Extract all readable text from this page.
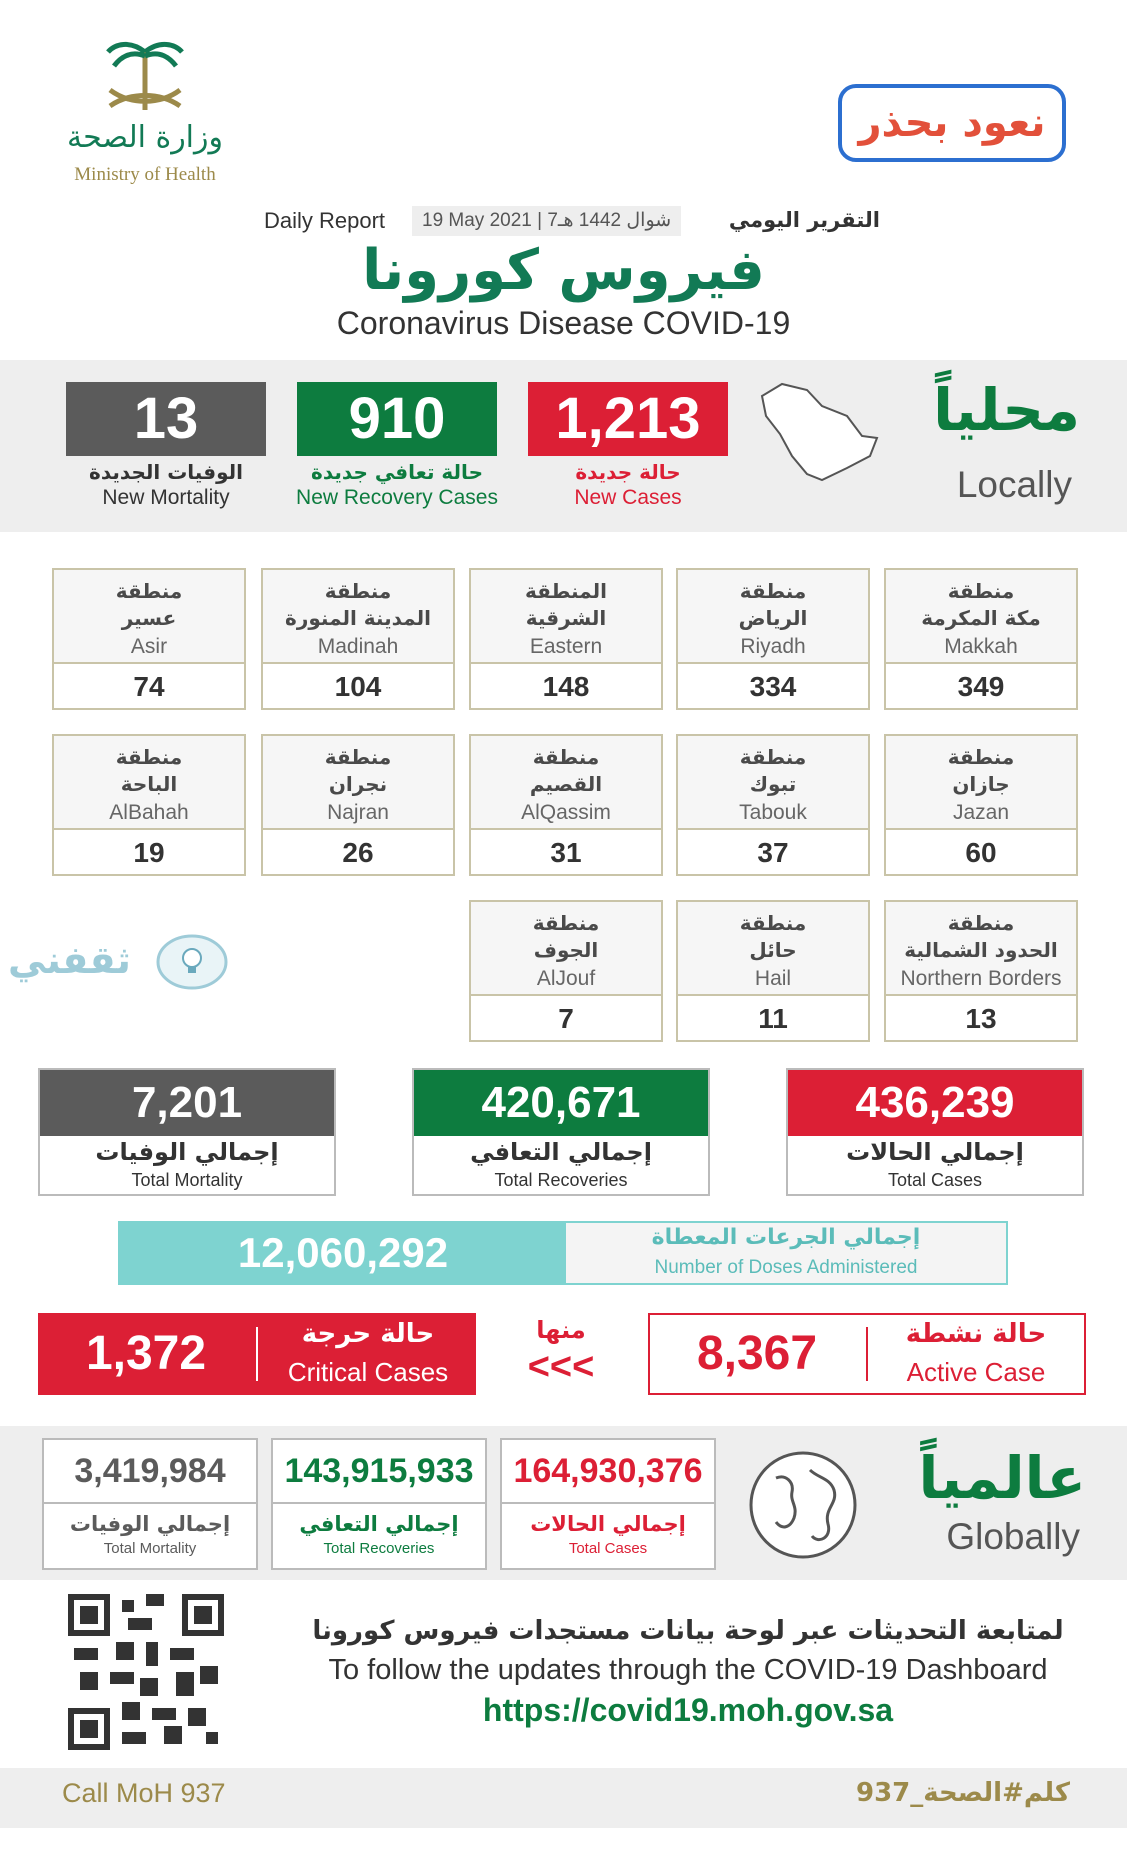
وزارة الصحة
Ministry of Health
نعود بحذر
Daily Report	19 May 2021 | 7شوال 1442 هـ	التقرير اليومي
فيروس كورونا
Coronavirus Disease COVID-19
13
الوفيات الجديدة
New Mortality
910
حالة تعافي جديدة
New Recovery Cases
1,213
حالة جديدة
New Cases
محلياً
Locally
منطقة
مكة المكرمة
Makkah
349
منطقة
الرياض
Riyadh
334
المنطقة
الشرقية
Eastern
148
منطقة
المدينة المنورة
Madinah
104
منطقة
عسير
Asir
74
منطقة
جازان
Jazan
60
منطقة
تبوك
Tabouk
37
منطقة
القصيم
AlQassim
31
منطقة
نجران
Najran
26
منطقة
الباحة
AlBahah
19
منطقة
الحدود الشمالية
Northern Borders
13
منطقة
حائل
Hail
11
منطقة
الجوف
AlJouf
7
ثقفني
7,201
إجمالي الوفيات
Total Mortality
420,671
إجمالي التعافي
Total Recoveries
436,239
إجمالي الحالات
Total Cases
12,060,292	إجمالي الجرعات المعطاة
Number of Doses Administered
1,372	حالة حرجة
Critical Cases
منها
<<<	8,367	حالة نشطة
Active Case
3,419,984
إجمالي الوفيات
Total Mortality
143,915,933
إجمالي التعافي
Total Recoveries
164,930,376
إجمالي الحالات
Total Cases
عالمياً
Globally
لمتابعة التحديثات عبر لوحة بيانات مستجدات فيروس كورونا
To follow the updates through the COVID-19 Dashboard
https://covid19.moh.gov.sa
Call MoH 937	كلم#الصحة_937
